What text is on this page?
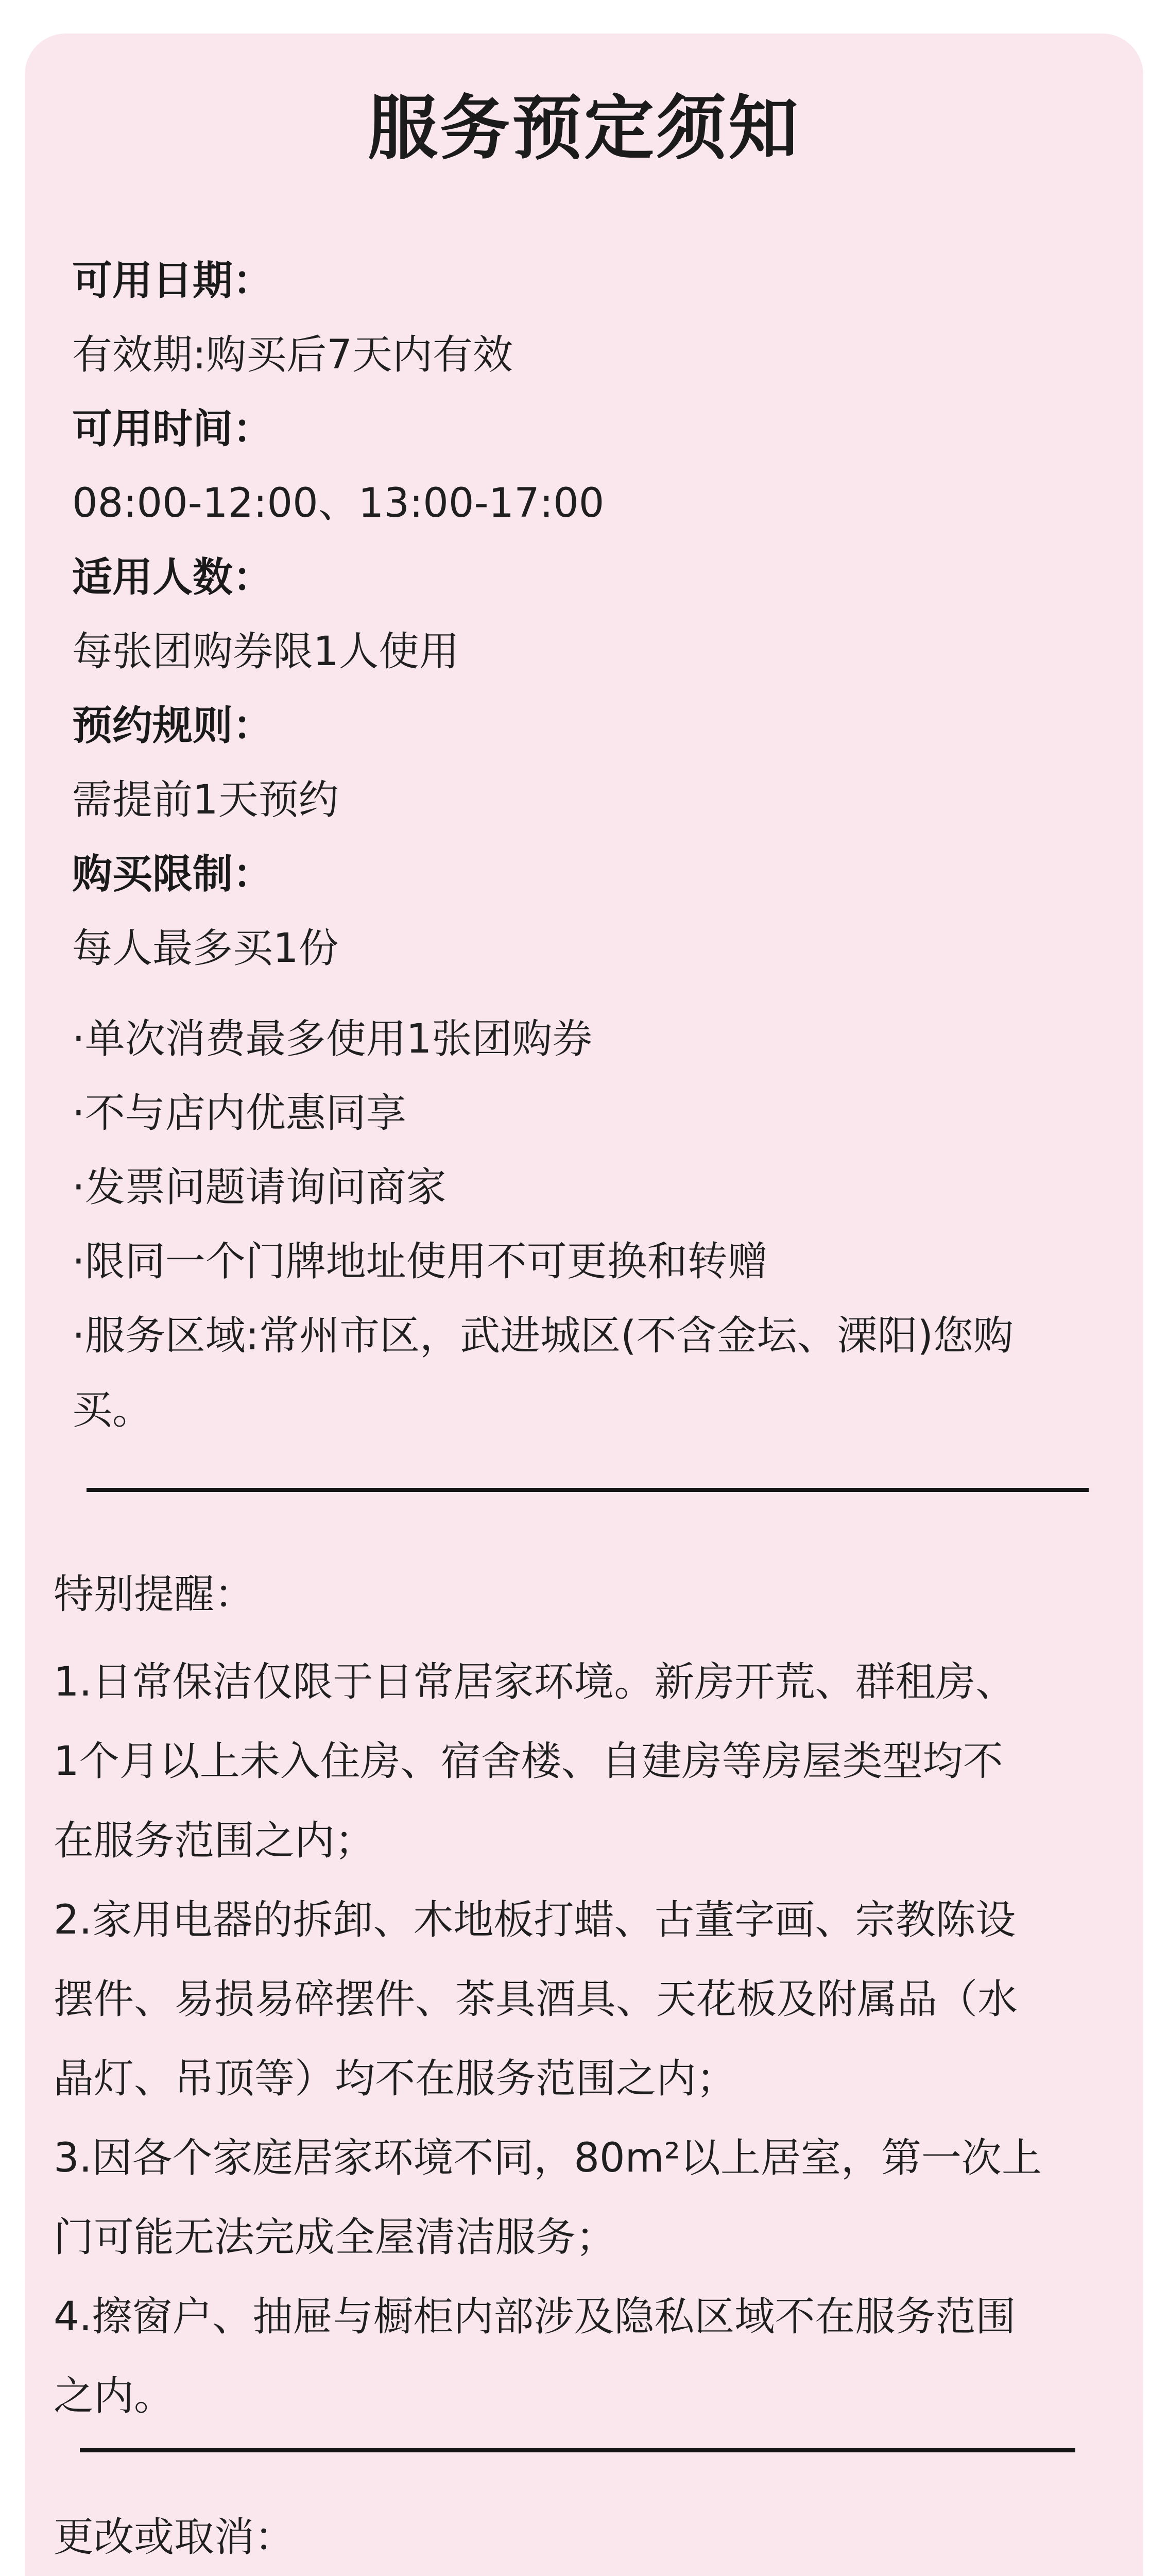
服务预定须知
可用日期：
有效期:购买后7天内有效
可用时间：
08:00-12:00、13:00-17:00
适用人数：
每张团购券限1人使用
预约规则：
需提前1天预约
购买限制：
每人最多买1份
·单次消费最多使用1张团购券
·不与店内优惠同享
·发票问题请询问商家
·限同一个门牌地址使用不可更换和转赠
·服务区域:常州市区，武进城区(不含金坛、溧阳)您购
买。
特别提醒：
1.日常保洁仅限于日常居家环境。新房开荒、群租房、
1个月以上未入住房、宿舍楼、自建房等房屋类型均不
在服务范围之内；
2.家用电器的拆卸、木地板打蜡、古董字画、宗教陈设
摆件、易损易碎摆件、茶具酒具、天花板及附属品（水
晶灯、吊顶等）均不在服务范围之内；
3.因各个家庭居家环境不同，80m²以上居室，第一次上
门可能无法完成全屋清洁服务；
4.擦窗户、抽屉与橱柜内部涉及隐私区域不在服务范围
之内。
更改或取消：
